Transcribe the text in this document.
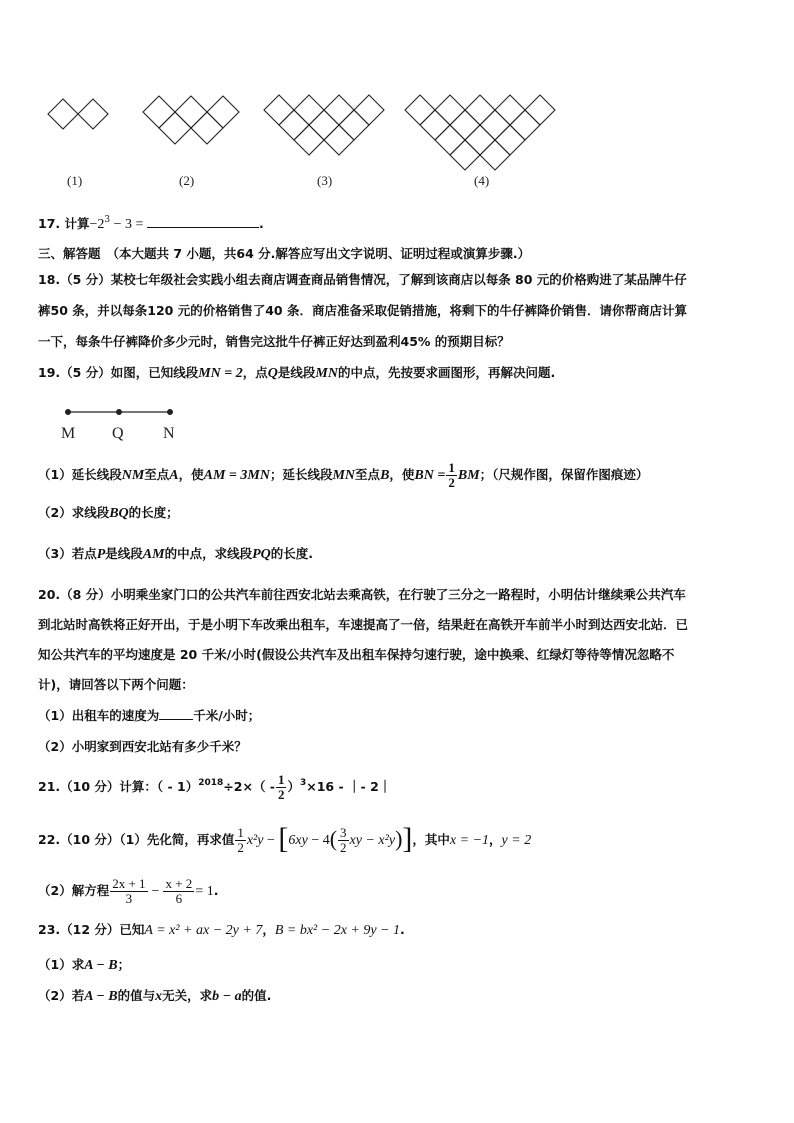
(1)	(2)	(3)	(4)
17. 计算$-2^3 - 3$ =	.
三、解答题 （本大题共 7 小题，共64 分.解答应写出文字说明、证明过程或演算步骤.）
18.（5 分）某校七年级社会实践小组去商店调查商品销售情况，了解到该商店以每条 80 元的价格购进了某品牌牛仔
裤50 条，并以每条120 元的价格销售了40 条．商店准备采取促销措施，将剩下的牛仔裤降价销售．请你帮商店计算
一下，每条牛仔裤降价多少元时，销售完这批牛仔裤正好达到盈利45% 的预期目标？
19.（5 分）如图，已知线段MN = 2，点Q是线段MN的中点，先按要求画图形，再解决问题.
M Q N
（1）延长线段NM至点A，使AM = 3MN；延长线段MN至点B，使BN = $\frac{1}{2}$ BM；（尺规作图，保留作图痕迹）
（2）求线段BQ的长度；
（3）若点P是线段AM的中点，求线段PQ的长度.
20.（8 分）小明乘坐家门口的公共汽车前往西安北站去乘高铁，在行驶了三分之一路程时，小明估计继续乘公共汽车
到北站时高铁将正好开出，于是小明下车改乘出租车，车速提高了一倍，结果赶在高铁开车前半小时到达西安北站．已
知公共汽车的平均速度是 20 千米/小时(假设公共汽车及出租车保持匀速行驶，途中换乘、红绿灯等待等情况忽略不
计)，请回答以下两个问题：
（1）出租车的速度为	千米/小时；
（2）小明家到西安北站有多少千米？
21.（10 分）计算：（ - $1)^{2018}\div 2\times( - \frac{1}{2} )^3\times 16$ - ｜- 2｜
22.（10 分）（1）先化简，再求值 $\frac{1}{2} x^2y - [6xy - 4( \frac{3}{2}$ xy − x²y)]，其中x = −1，y = 2
（2）解方程 $\frac{2x + 1}{3} - \frac{x + 2}{6} = 1$.
23.（12 分）已知A = x² + ax − 2y + 7，B = bx² − 2x + 9y − 1.
（1）求A − B；
（2）若A − B的值与x无关，求b − a的值.
